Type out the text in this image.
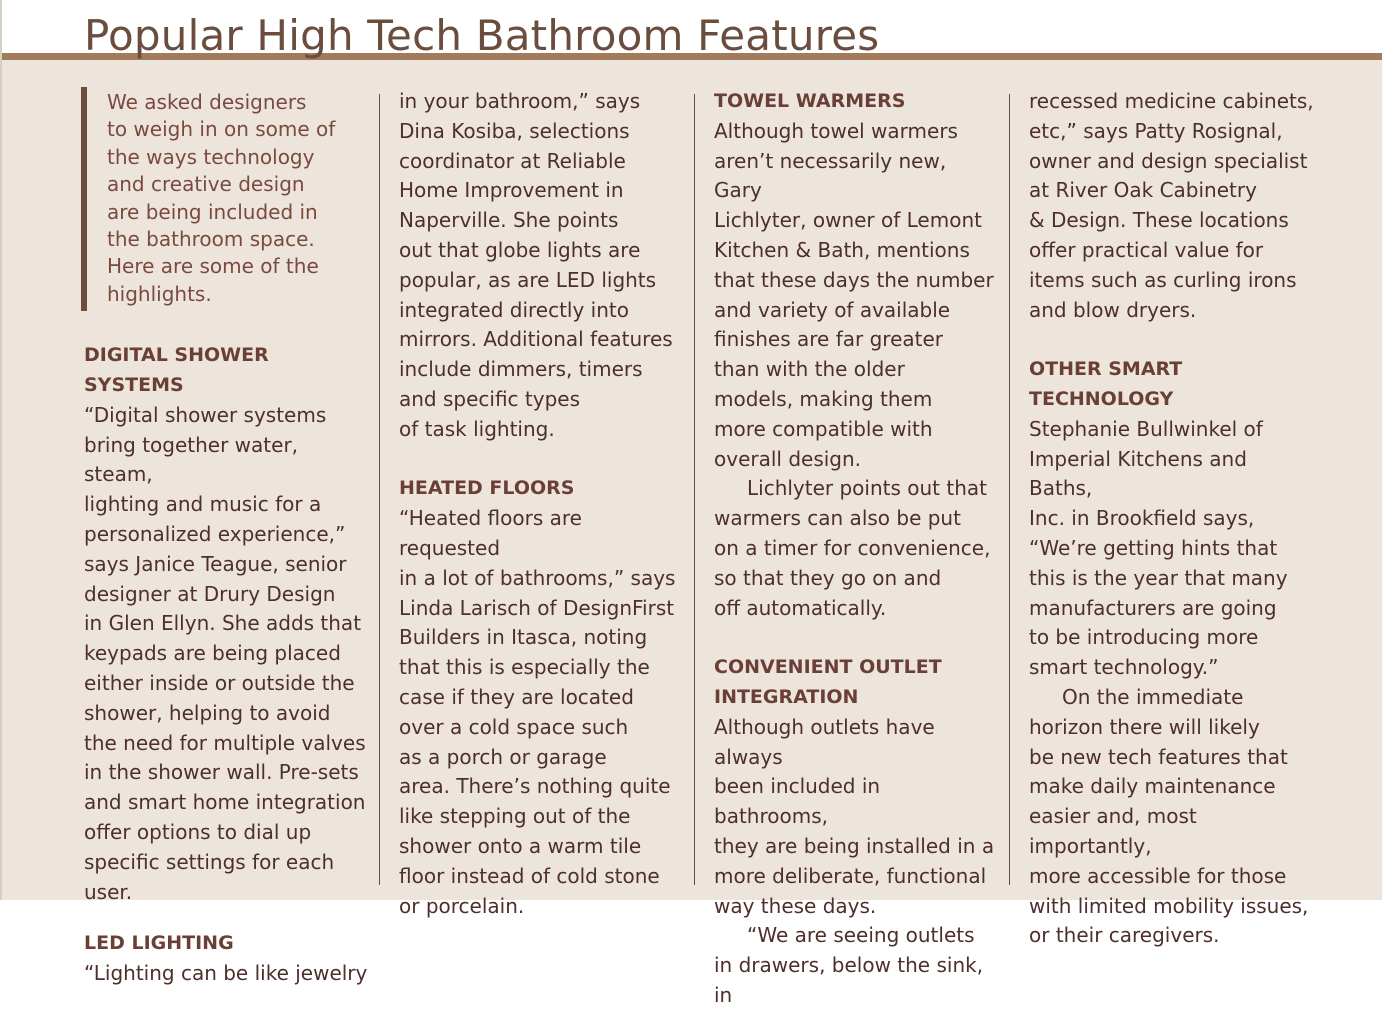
Popular High Tech Bathroom Features

We asked designers

to weigh in on some of

the ways technology

and creative design

are being included in

the bathroom space.

Here are some of the

highlights.

DIGITAL SHOWER SYSTEMS

“Digital shower systems

bring together water, steam,

lighting and music for a

personalized experience,”

says Janice Teague, senior

designer at Drury Design

in Glen Ellyn. She adds that

keypads are being placed

either inside or outside the

shower, helping to avoid

the need for multiple valves

in the shower wall. Pre-sets

and smart home integration

offer options to dial up

specific settings for each user.

LED LIGHTING

“Lighting can be like jewelry

in your bathroom,” says

Dina Kosiba, selections

coordinator at Reliable

Home Improvement in

Naperville. She points

out that globe lights are

popular, as are LED lights

integrated directly into

mirrors. Additional features

include dimmers, timers

and specific types

of task lighting.

HEATED FLOORS

“Heated floors are requested

in a lot of bathrooms,” says

Linda Larisch of DesignFirst

Builders in Itasca, noting

that this is especially the

case if they are located

over a cold space such

as a porch or garage

area. There’s nothing quite

like stepping out of the

shower onto a warm tile

floor instead of cold stone

or porcelain.

TOWEL WARMERS

Although towel warmers

aren’t necessarily new, Gary

Lichlyter, owner of Lemont

Kitchen & Bath, mentions

that these days the number

and variety of available

finishes are far greater

than with the older

models, making them

more compatible with

overall design.

Lichlyter points out that

warmers can also be put

on a timer for convenience,

so that they go on and

off automatically.

CONVENIENT OUTLET

INTEGRATION

Although outlets have always

been included in bathrooms,

they are being installed in a

more deliberate, functional

way these days.

“We are seeing outlets

in drawers, below the sink, in

recessed medicine cabinets,

etc,” says Patty Rosignal,

owner and design specialist

at River Oak Cabinetry

& Design. These locations

offer practical value for

items such as curling irons

and blow dryers.

OTHER SMART

TECHNOLOGY

Stephanie Bullwinkel of

Imperial Kitchens and Baths,

Inc. in Brookfield says,

“We’re getting hints that

this is the year that many

manufacturers are going

to be introducing more

smart technology.”

On the immediate

horizon there will likely

be new tech features that

make daily maintenance

easier and, most importantly,

more accessible for those

with limited mobility issues,

or their caregivers.
